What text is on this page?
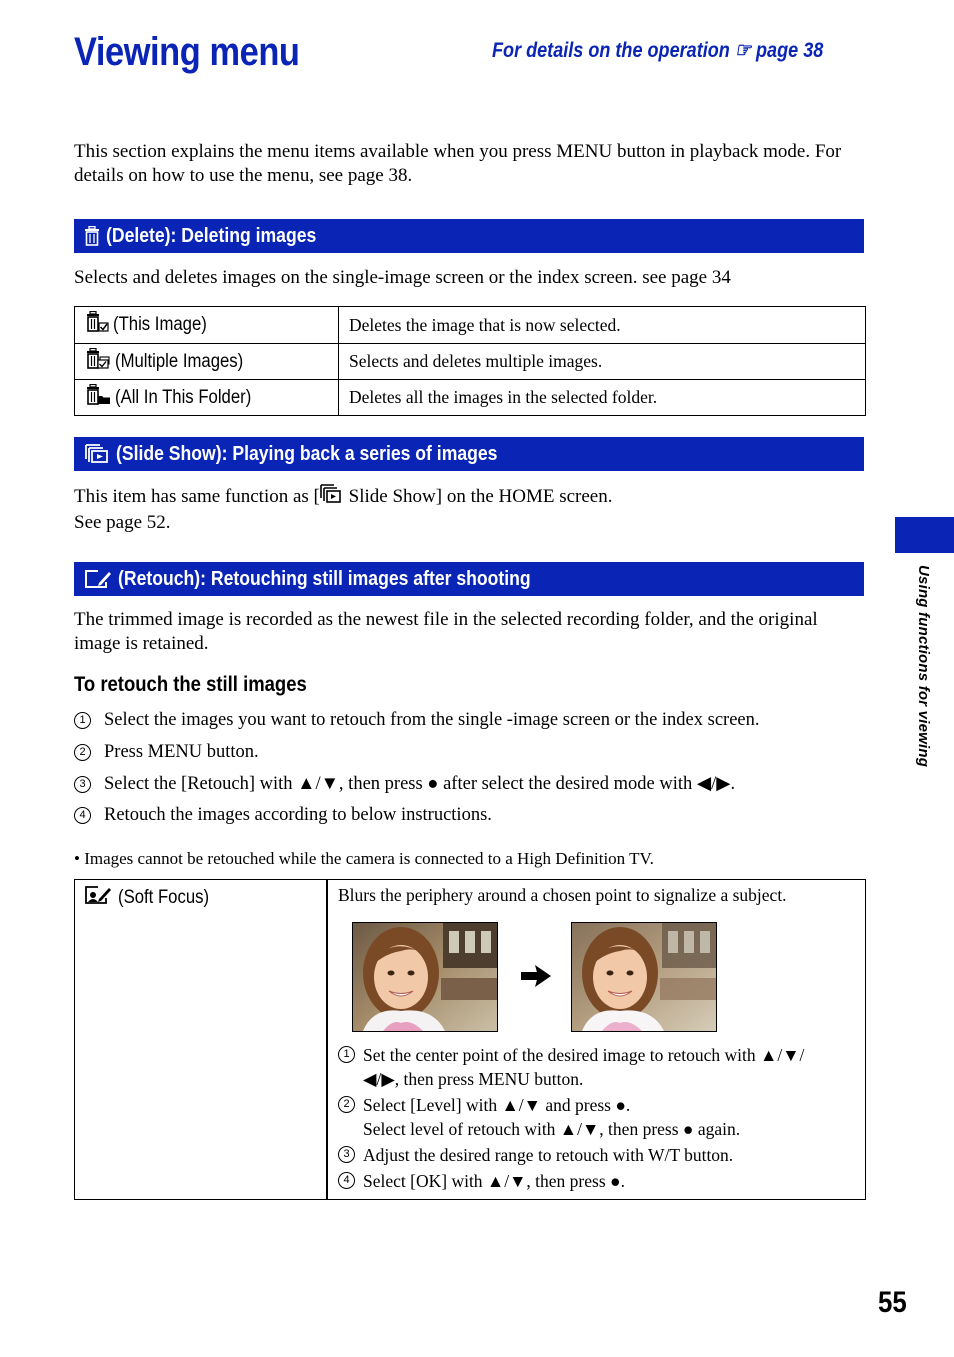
Viewing menu	For details on the operation ☞ page 38
This section explains the menu items available when you press MENU button in playback mode. For details on how to use the menu, see page 38.
(Delete): Deleting images
Selects and deletes images on the single-image screen or the index screen. see page 34
(This Image)	Deletes the image that is now selected.
(Multiple Images)	Selects and deletes multiple images.
(All In This Folder)	Deletes all the images in the selected folder.
(Slide Show): Playing back a series of images
This item has same function as [ Slide Show] on the HOME screen.
See page 52.
(Retouch): Retouching still images after shooting
The trimmed image is recorded as the newest file in the selected recording folder, and the original image is retained.
To retouch the still images
1 Select the images you want to retouch from the single -image screen or the index screen.
2 Press MENU button.
3 Select the [Retouch] with ▲/▼, then press ● after select the desired mode with ◀/▶.
4 Retouch the images according to below instructions.
• Images cannot be retouched while the camera is connected to a High Definition TV.
(Soft Focus)	Blurs the periphery around a chosen point to signalize a subject.
1 Set the center point of the desired image to retouch with ▲/▼/
◀/▶, then press MENU button.
2 Select [Level] with ▲/▼ and press ●.
Select level of retouch with ▲/▼, then press ● again.
3 Adjust the desired range to retouch with W/T button.
4 Select [OK] with ▲/▼, then press ●.
Using functions for viewing
55
